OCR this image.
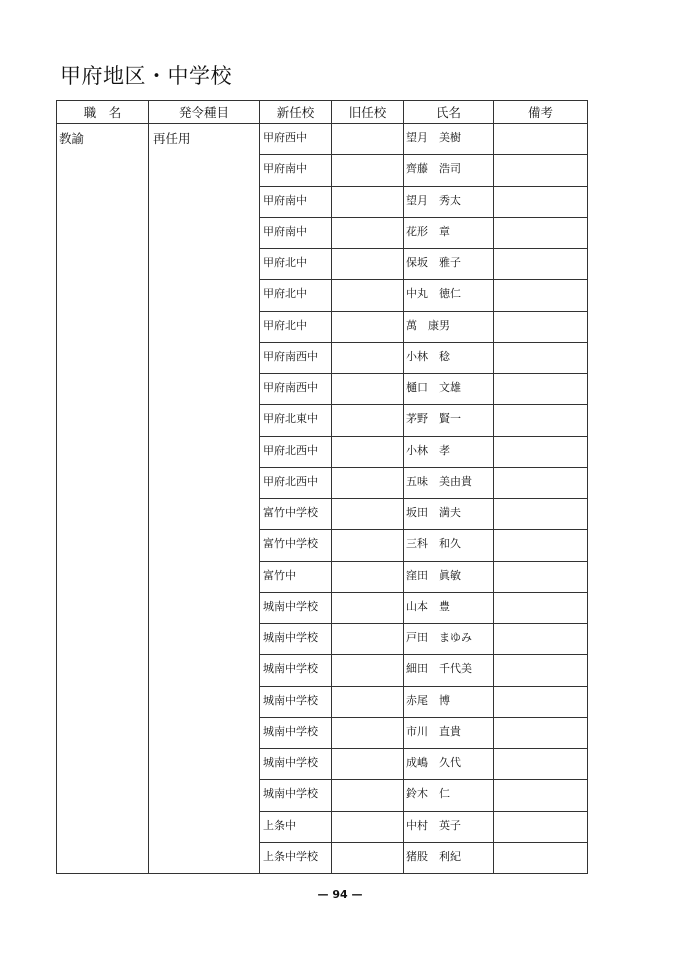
甲府地区・中学校
職　名	発令種目	新任校	旧任校	氏名	備考

教諭	再任用	甲府西中		望月　美樹	

		甲府南中		齊藤　浩司	

		甲府南中		望月　秀太	

		甲府南中		花形　章	

		甲府北中		保坂　雅子	

		甲府北中		中丸　徳仁	

		甲府北中		萬　康男	

		甲府南西中		小林　稔	

		甲府南西中		樋口　文雄	

		甲府北東中		茅野　賢一	

		甲府北西中		小林　孝	

		甲府北西中		五味　美由貴	

		富竹中学校		坂田　満夫	

		富竹中学校		三科　和久	

		富竹中		窪田　眞敏	

		城南中学校		山本　豊	

		城南中学校		戸田　まゆみ	

		城南中学校		細田　千代美	

		城南中学校		赤尾　博	

		城南中学校		市川　直貴	

		城南中学校		成嶋　久代	

		城南中学校		鈴木　仁	

		上条中		中村　英子	

		上条中学校		猪股　利紀	

— 94 —
